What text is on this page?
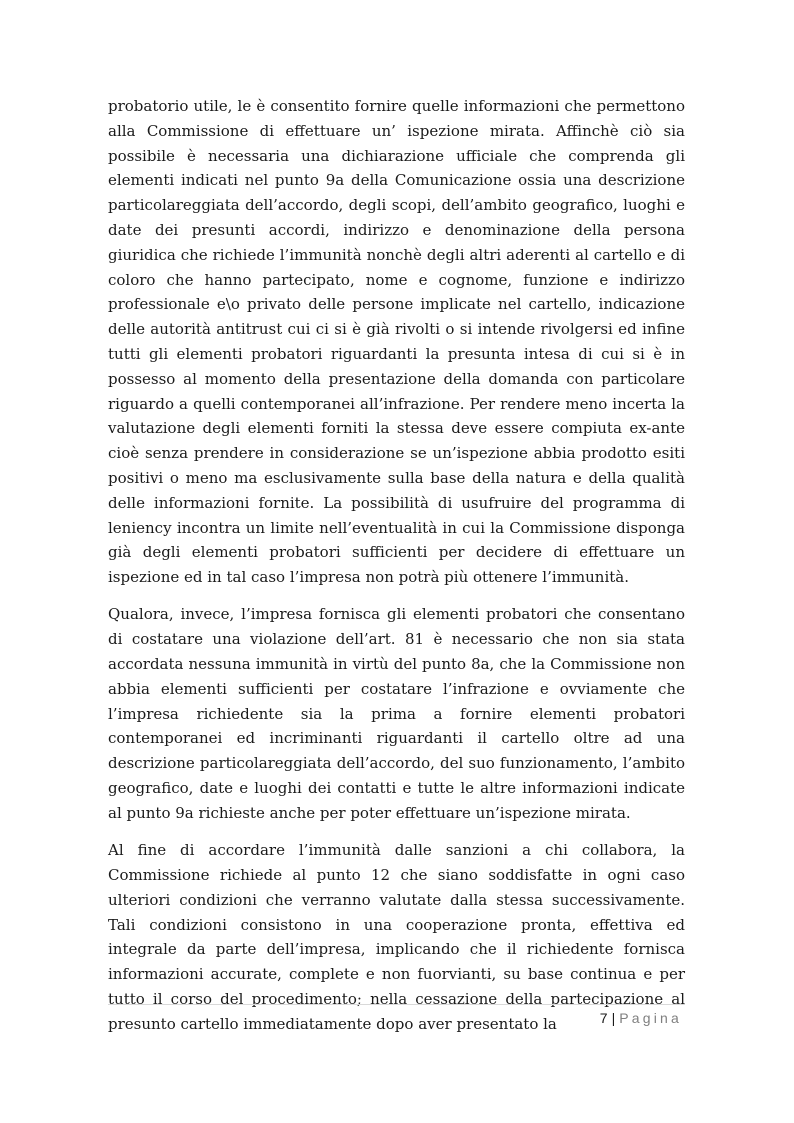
probatorio utile, le è consentito fornire quelle informazioni che permettono alla Commissione di effettuare un’ ispezione mirata. Affinchè ciò sia possibile è necessaria una dichiarazione ufficiale che comprenda gli elementi indicati nel punto 9a della Comunicazione ossia una descrizione particolareggiata dell’accordo, degli scopi, dell’ambito geografico, luoghi e date dei presunti accordi, indirizzo e denominazione della persona giuridica che richiede l’immunità nonchè degli altri aderenti al cartello e di coloro che hanno partecipato, nome e cognome, funzione e indirizzo professionale e\o privato delle persone implicate nel cartello, indicazione delle autorità antitrust cui ci si è già rivolti o si intende rivolgersi ed infine tutti gli elementi probatori riguardanti la presunta intesa di cui si è in possesso al momento della presentazione della domanda con particolare riguardo a quelli contemporanei all’infrazione. Per rendere meno incerta la valutazione degli elementi forniti la stessa deve essere compiuta ex-ante cioè senza prendere in considerazione se un’ispezione abbia prodotto esiti positivi o meno ma esclusivamente sulla base della natura e della qualità delle informazioni fornite. La possibilità di usufruire del programma di leniency incontra un limite nell’eventualità in cui la Commissione disponga già degli elementi probatori sufficienti per decidere di effettuare un ispezione ed in tal caso l’impresa non potrà più ottenere l’immunità.

Qualora, invece, l’impresa fornisca gli elementi probatori che consentano di costatare una violazione dell’art. 81 è necessario che non sia stata accordata nessuna immunità in virtù del punto 8a, che la Commissione non abbia elementi sufficienti per costatare l’infrazione e ovviamente che l’impresa richiedente sia la prima a fornire elementi probatori contemporanei ed incriminanti riguardanti il cartello oltre ad una descrizione particolareggiata dell’accordo, del suo funzionamento, l’ambito geografico, date e luoghi dei contatti e tutte le altre informazioni indicate al punto 9a richieste anche per poter effettuare un’ispezione mirata.

Al fine di accordare l’immunità dalle sanzioni a chi collabora, la Commissione richiede al punto 12 che siano soddisfatte in ogni caso ulteriori condizioni che verranno valutate dalla stessa successivamente. Tali condizioni consistono in una cooperazione pronta, effettiva ed integrale da parte dell’impresa, implicando che il richiedente fornisca informazioni accurate, complete e non fuorvianti, su base continua e per tutto il corso del procedimento; nella cessazione della partecipazione al presunto cartello immediatamente dopo aver presentato la	7 | Pagina
